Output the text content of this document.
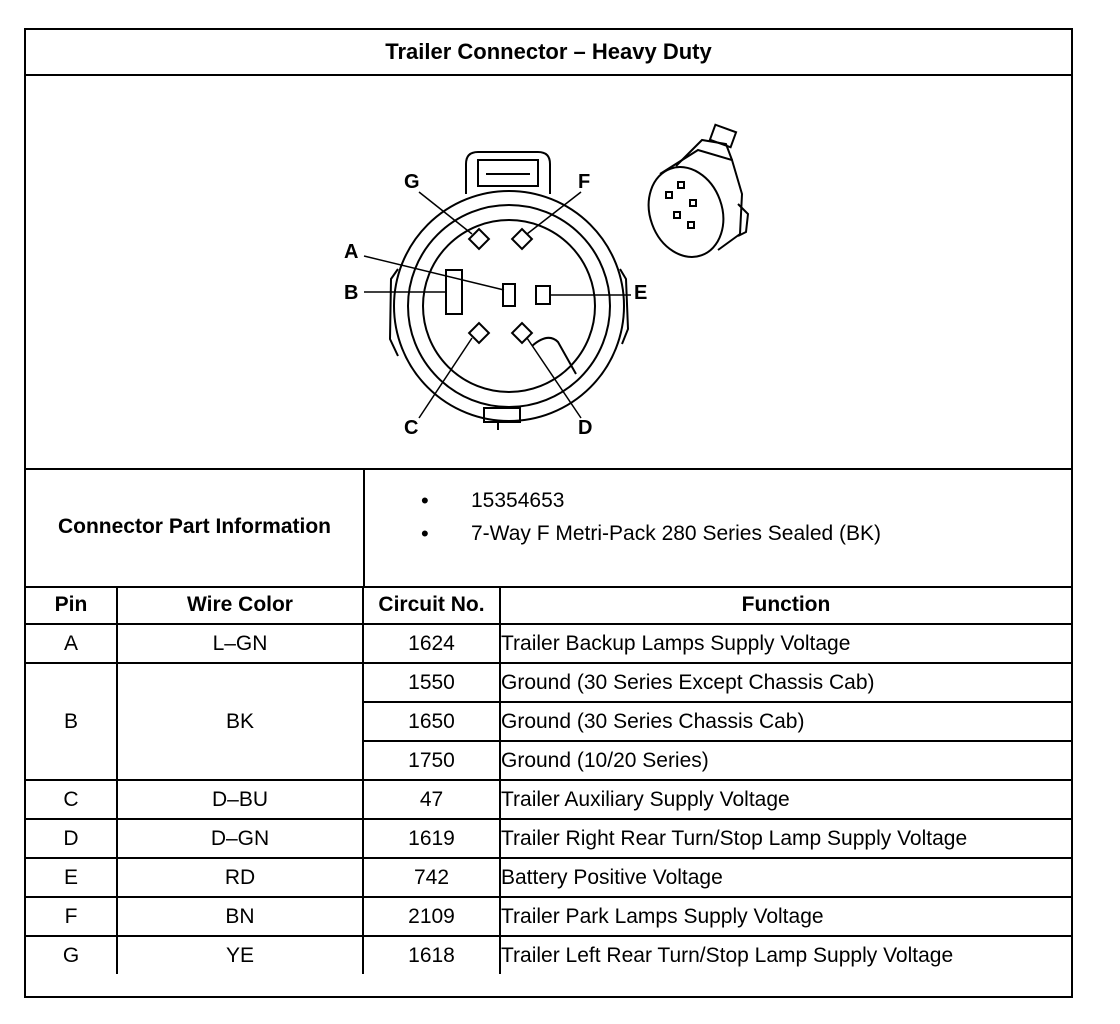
Trailer Connector – Heavy Duty
G	F
A
B	E
C	D
Connector Part Information
• 15354653
• 7-Way F Metri-Pack 280 Series Sealed (BK)
Pin	Wire Color	Circuit No.	Function
A	L–GN	1624	Trailer Backup Lamps Supply Voltage
B	BK	1550	Ground (30 Series Except Chassis Cab)
		1650	Ground (30 Series Chassis Cab)
		1750	Ground (10/20 Series)
C	D–BU	47	Trailer Auxiliary Supply Voltage
D	D–GN	1619	Trailer Right Rear Turn/Stop Lamp Supply Voltage
E	RD	742	Battery Positive Voltage
F	BN	2109	Trailer Park Lamps Supply Voltage
G	YE	1618	Trailer Left Rear Turn/Stop Lamp Supply Voltage
